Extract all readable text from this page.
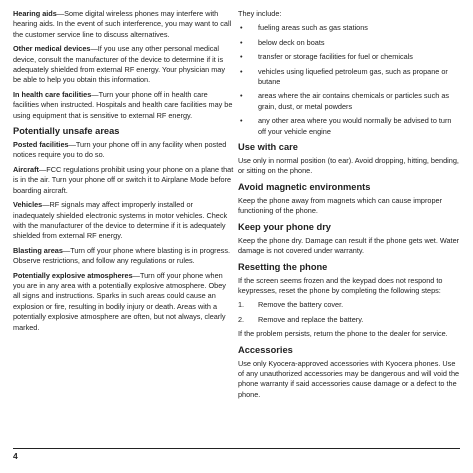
Hearing aids—Some digital wireless phones may interfere with hearing aids. In the event of such interference, you may want to call the customer service line to discuss alternatives.

Other medical devices—If you use any other personal medical device, consult the manufacturer of the device to determine if it is adequately shielded from external RF energy. Your physician may be able to help you obtain this information.

In health care facilities—Turn your phone off in health care facilities when instructed. Hospitals and health care facilities may be using equipment that is sensitive to external RF energy.

Potentially unsafe areas

Posted facilities—Turn your phone off in any facility when posted notices require you to do so.

Aircraft—FCC regulations prohibit using your phone on a plane that is in the air. Turn your phone off or switch it to Airplane Mode before boarding aircraft.

Vehicles—RF signals may affect improperly installed or inadequately shielded electronic systems in motor vehicles. Check with the manufacturer of the device to determine if it is adequately shielded from external RF energy.

Blasting areas—Turn off your phone where blasting is in progress. Observe restrictions, and follow any regulations or rules.

Potentially explosive atmospheres—Turn off your phone when you are in any area with a potentially explosive atmosphere. Obey all signs and instructions. Sparks in such areas could cause an explosion or fire, resulting in bodily injury or death. Areas with a potentially explosive atmosphere are often, but not always, clearly marked.

They include:

• fueling areas such as gas stations
• below deck on boats
• transfer or storage facilities for fuel or chemicals
• vehicles using liquefied petroleum gas, such as propane or butane
• areas where the air contains chemicals or particles such as grain, dust, or metal powders
• any other area where you would normally be advised to turn off your vehicle engine
Use with care

Use only in normal position (to ear). Avoid dropping, hitting, bending, or sitting on the phone.

Avoid magnetic environments

Keep the phone away from magnets which can cause improper functioning of the phone.

Keep your phone dry

Keep the phone dry. Damage can result if the phone gets wet. Water damage is not covered under warranty.

Resetting the phone

If the screen seems frozen and the keypad does not respond to keypresses, reset the phone by completing the following steps:

1. Remove the battery cover.
2. Remove and replace the battery.

If the problem persists, return the phone to the dealer for service.

Accessories

Use only Kyocera-approved accessories with Kyocera phones. Use of any unauthorized accessories may be dangerous and will void the phone warranty if said accessories cause damage or a defect to the phone.

4
